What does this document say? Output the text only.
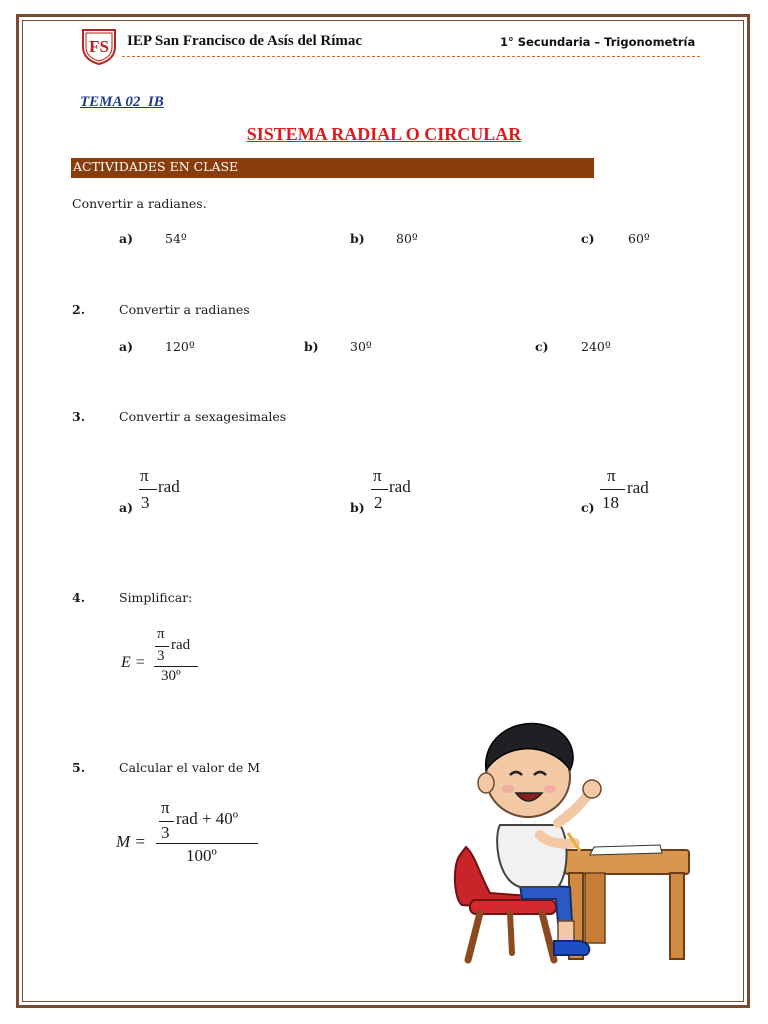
FS IEP San Francisco de Asís del Rímac	1° Secundaria – Trigonometría
TEMA 02_IB
SISTEMA RADIAL O CIRCULAR
ACTIVIDADES EN CLASE
Convertir a radianes.
a)	54º	b)	80º	c)	60º
2.	Convertir a radianes
a)	120º	b)	30º	c)	240º
3.	Convertir a sexagesimales
a)
π
3
rad
b)
π
2
rad
c)
π
18
rad
4.	Simplificar:
E =
π
3
rad
30º
5.	Calcular el valor de M
M =
π
3
rad + 40º
100º
